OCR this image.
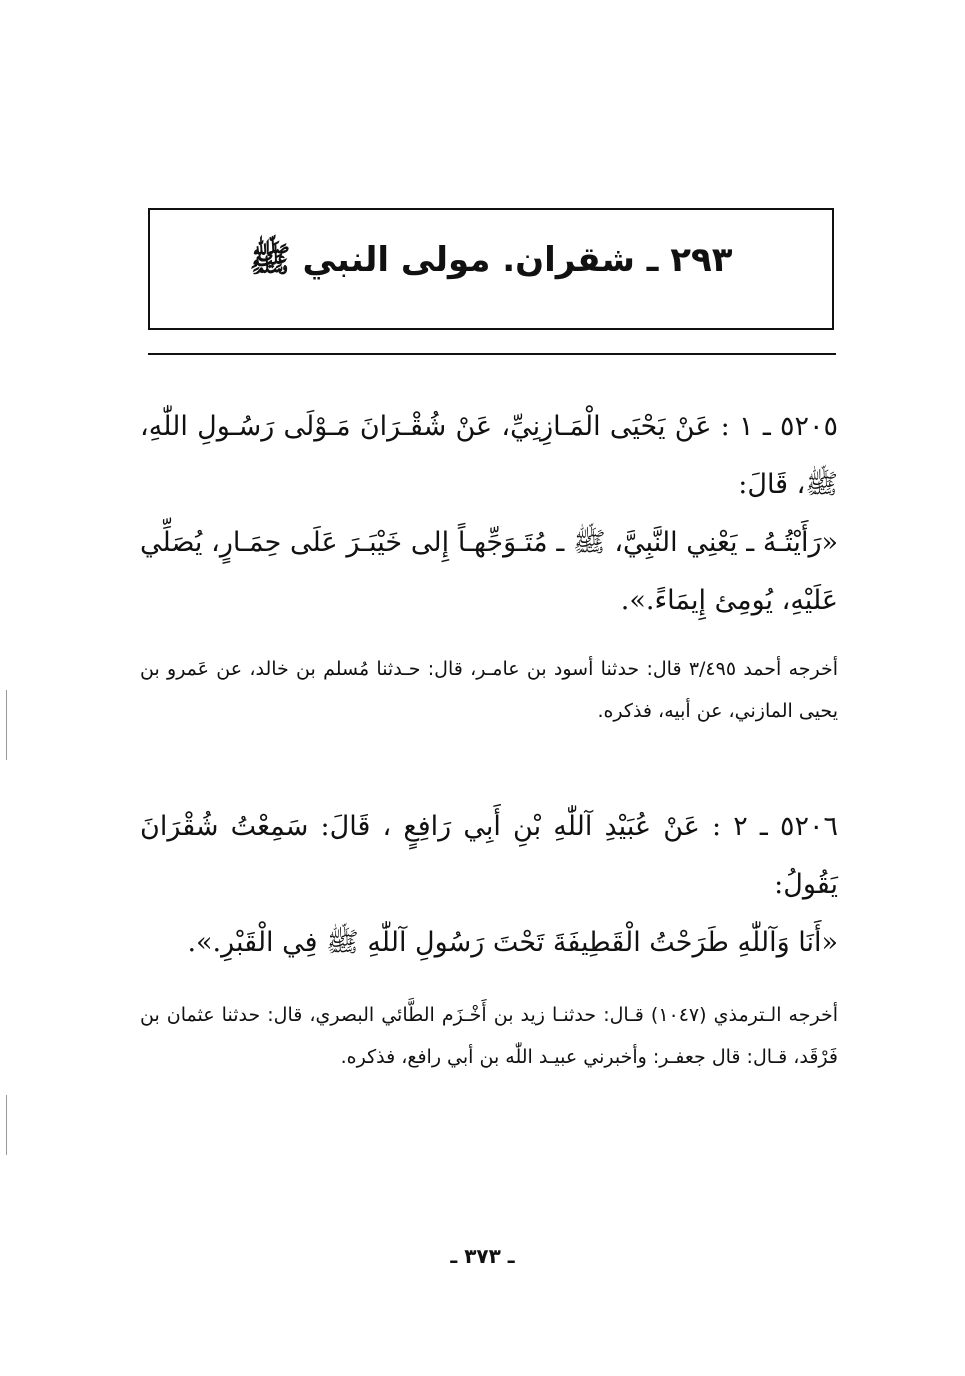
٢٩٣ ـ شقران. مولى النبي ﷺ

٥٢٠٥ ـ ١ : عَنْ يَحْيَى الْمَـازِنِيِّ، عَنْ شُقْـرَانَ مَـوْلَى رَسُـولِ اللّٰهِ، ﷺ، قَالَ:

«رَأَيْتُـهُ ـ يَعْنِي النَّبِيَّ، ﷺ ـ مُتَـوَجِّهـاً إِلى خَيْبَـرَ عَلَى حِمَـارٍ، يُصَلِّي عَلَيْهِ، يُومِئ إِيمَاءً.».

أخرجه أحمد ٣/٤٩٥ قال: حدثنا أسود بن عامـر، قال: حـدثنا مُسلم بن خالد، عن عَمرو بن يحيى المازني، عن أبيه، فذكره.

٥٢٠٦ ـ ٢ : عَنْ عُبَيْدِ آللّٰهِ بْنِ أَبِي رَافِعٍ ، قَالَ: سَمِعْتُ شُقْرَانَ يَقُولُ:

«أَنَا وَآللّٰهِ طَرَحْتُ الْقَطِيفَةَ تَحْتَ رَسُولِ آللّٰهِ ﷺ فِي الْقَبْرِ.».

أخرجه الـترمذي (١٠٤٧) قـال: حدثنـا زيد بن أَخْـزَم الطَّائي البصري، قال: حدثنا عثمان بن فَرْقَد، قـال: قال جعفـر: وأخبرني عبيـد اللّٰه بن أبي رافع، فذكره.

ـ ٣٧٣ ـ
